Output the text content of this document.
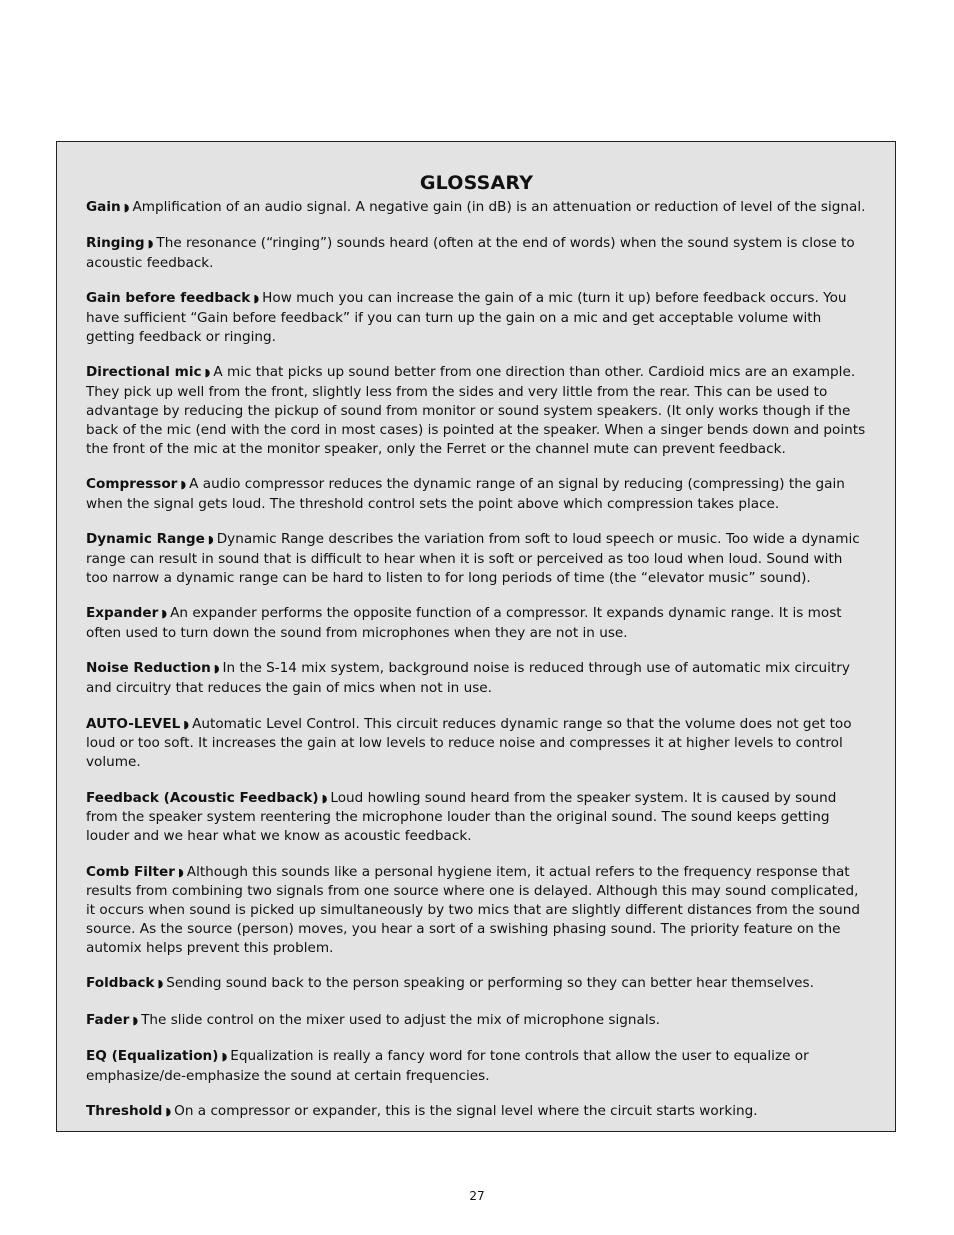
GLOSSARY

Gain ◗ Amplification of an audio signal. A negative gain (in dB) is an attenuation or reduction of level of the signal.

Ringing ◗ The resonance (“ringing”) sounds heard (often at the end of words) when the sound system is close to acoustic feedback.

Gain before feedback ◗ How much you can increase the gain of a mic (turn it up) before feedback occurs. You have sufficient “Gain before feedback” if you can turn up the gain on a mic and get acceptable volume with getting feedback or ringing.

Directional mic ◗ A mic that picks up sound better from one direction than other. Cardioid mics are an example. They pick up well from the front, slightly less from the sides and very little from the rear. This can be used to advantage by reducing the pickup of sound from monitor or sound system speakers. (It only works though if the back of the mic (end with the cord in most cases) is pointed at the speaker. When a singer bends down and points the front of the mic at the monitor speaker, only the Ferret or the channel mute can prevent feedback.

Compressor ◗ A audio compressor reduces the dynamic range of an signal by reducing (compressing) the gain when the signal gets loud. The threshold control sets the point above which compression takes place.

Dynamic Range ◗ Dynamic Range describes the variation from soft to loud speech or music. Too wide a dynamic range can result in sound that is difficult to hear when it is soft or perceived as too loud when loud. Sound with too narrow a dynamic range can be hard to listen to for long periods of time (the “elevator music” sound).

Expander ◗ An expander performs the opposite function of a compressor. It expands dynamic range. It is most often used to turn down the sound from microphones when they are not in use.

Noise Reduction ◗ In the S-14 mix system, background noise is reduced through use of automatic mix circuitry and circuitry that reduces the gain of mics when not in use.

AUTO-LEVEL ◗ Automatic Level Control. This circuit reduces dynamic range so that the volume does not get too loud or too soft. It increases the gain at low levels to reduce noise and compresses it at higher levels to control volume.

Feedback (Acoustic Feedback) ◗ Loud howling sound heard from the speaker system. It is caused by sound from the speaker system reentering the microphone louder than the original sound. The sound keeps getting louder and we hear what we know as acoustic feedback.

Comb Filter ◗ Although this sounds like a personal hygiene item, it actual refers to the frequency response that results from combining two signals from one source where one is delayed. Although this may sound complicated, it occurs when sound is picked up simultaneously by two mics that are slightly different distances from the sound source. As the source (person) moves, you hear a sort of a swishing phasing sound. The priority feature on the automix helps prevent this problem.

Foldback ◗ Sending sound back to the person speaking or performing so they can better hear themselves.

Fader ◗ The slide control on the mixer used to adjust the mix of microphone signals.

EQ (Equalization) ◗ Equalization is really a fancy word for tone controls that allow the user to equalize or emphasize/de-emphasize the sound at certain frequencies.

Threshold ◗ On a compressor or expander, this is the signal level where the circuit starts working.

27
